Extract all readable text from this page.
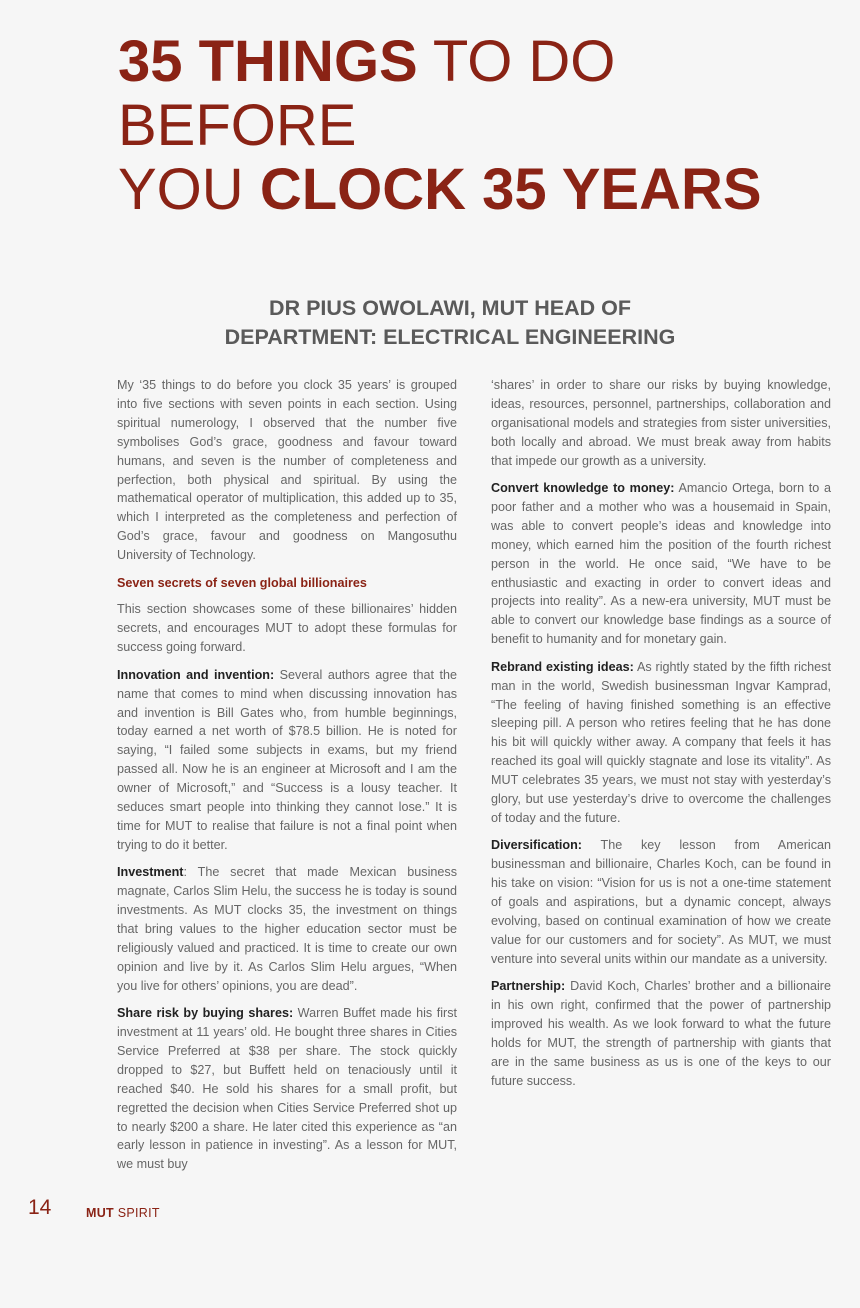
35 THINGS TO DO BEFORE
YOU CLOCK 35 YEARS
DR PIUS OWOLAWI, MUT HEAD OF
DEPARTMENT: ELECTRICAL ENGINEERING

My ‘35 things to do before you clock 35 years’ is grouped into five sections with seven points in each section. Using spiritual numerology, I observed that the number five symbolises God’s grace, goodness and favour toward humans, and seven is the number of completeness and perfection, both physical and spiritual. By using the mathematical operator of multiplication, this added up to 35, which I interpreted as the completeness and perfection of God’s grace, favour and goodness on Mangosuthu University of Technology.

Seven secrets of seven global billionaires

This section showcases some of these billionaires’ hidden secrets, and encourages MUT to adopt these formulas for success going forward.

Innovation and invention: Several authors agree that the name that comes to mind when discussing innovation has and invention is Bill Gates who, from humble beginnings, today earned a net worth of $78.5 billion. He is noted for saying, “I failed some subjects in exams, but my friend passed all. Now he is an engineer at Microsoft and I am the owner of Microsoft,” and “Success is a lousy teacher. It seduces smart people into thinking they cannot lose.” It is time for MUT to realise that failure is not a final point when trying to do it better.

Investment: The secret that made Mexican business magnate, Carlos Slim Helu, the success he is today is sound investments. As MUT clocks 35, the investment on things that bring values to the higher education sector must be religiously valued and practiced. It is time to create our own opinion and live by it. As Carlos Slim Helu argues, “When you live for others’ opinions, you are dead”.

Share risk by buying shares: Warren Buffet made his first investment at 11 years’ old. He bought three shares in Cities Service Preferred at $38 per share. The stock quickly dropped to $27, but Buffett held on tenaciously until it reached $40. He sold his shares for a small profit, but regretted the decision when Cities Service Preferred shot up to nearly $200 a share. He later cited this experience as “an early lesson in patience in investing”. As a lesson for MUT, we must buy

‘shares’ in order to share our risks by buying knowledge, ideas, resources, personnel, partnerships, collaboration and organisational models and strategies from sister universities, both locally and abroad. We must break away from habits that impede our growth as a university.

Convert knowledge to money: Amancio Ortega, born to a poor father and a mother who was a housemaid in Spain, was able to convert people’s ideas and knowledge into money, which earned him the position of the fourth richest person in the world. He once said, “We have to be enthusiastic and exacting in order to convert ideas and projects into reality”. As a new-era university, MUT must be able to convert our knowledge base findings as a source of benefit to humanity and for monetary gain.

Rebrand existing ideas: As rightly stated by the fifth richest man in the world, Swedish businessman Ingvar Kamprad, “The feeling of having finished something is an effective sleeping pill. A person who retires feeling that he has done his bit will quickly wither away. A company that feels it has reached its goal will quickly stagnate and lose its vitality”. As MUT celebrates 35 years, we must not stay with yesterday’s glory, but use yesterday’s drive to overcome the challenges of today and the future.

Diversification: The key lesson from American businessman and billionaire, Charles Koch, can be found in his take on vision: “Vision for us is not a one-time statement of goals and aspirations, but a dynamic concept, always evolving, based on continual examination of how we create value for our customers and for society”. As MUT, we must venture into several units within our mandate as a university.

Partnership: David Koch, Charles’ brother and a billionaire in his own right, confirmed that the power of partnership improved his wealth. As we look forward to what the future holds for MUT, the strength of partnership with giants that are in the same business as us is one of the keys to our future success.

14	MUT SPIRIT
